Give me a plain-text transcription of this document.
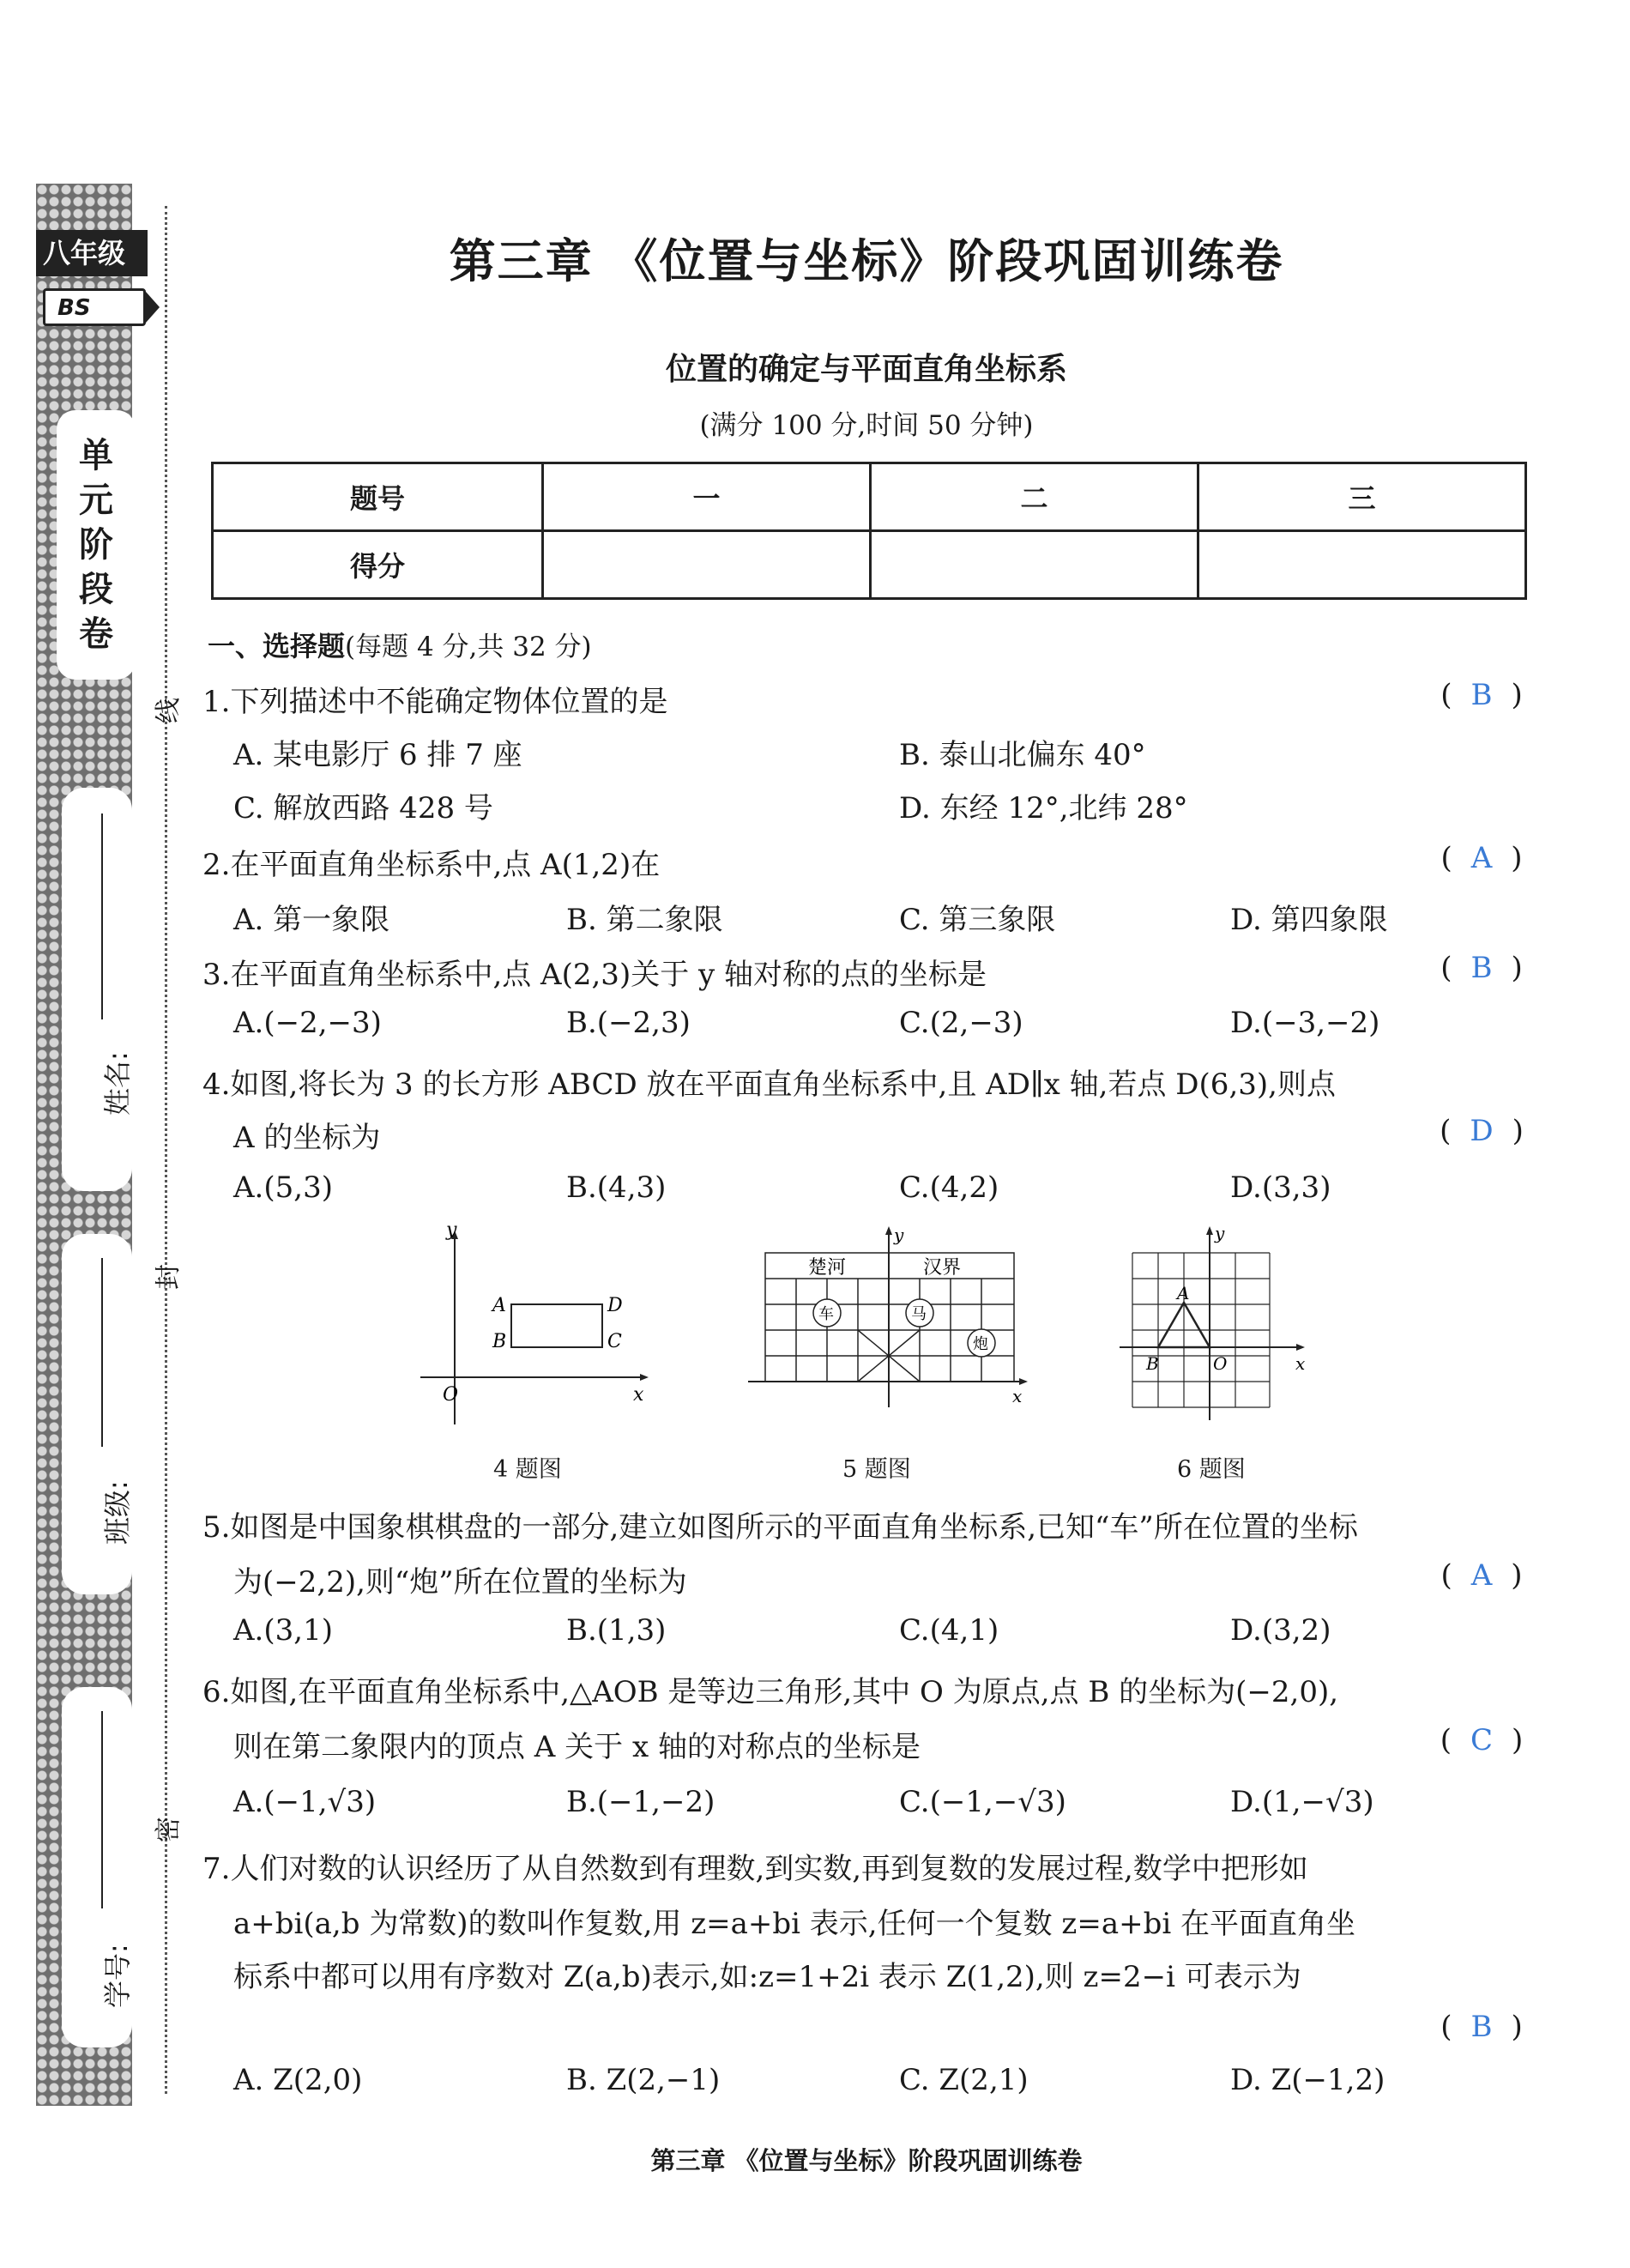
八年级
BS
单
元
阶
段
卷
姓名:
班级:
学号:
线
封
密
第三章 《位置与坐标》阶段巩固训练卷
位置的确定与平面直角坐标系
(满分 100 分,时间 50 分钟)
题号	一	二	三
得分			
一、选择题(每题 4 分,共 32 分)
1.下列描述中不能确定物体位置的是	( B )
A. 某电影厅 6 排 7 座	B. 泰山北偏东 40°
C. 解放西路 428 号	D. 东经 12°,北纬 28°
2.在平面直角坐标系中,点 A(1,2)在	( A )
A. 第一象限	B. 第二象限	C. 第三象限	D. 第四象限
3.在平面直角坐标系中,点 A(2,3)关于 y 轴对称的点的坐标是	( B )
A.(−2,−3)	B.(−2,3)	C.(2,−3)	D.(−3,−2)
4.如图,将长为 3 的长方形 ABCD 放在平面直角坐标系中,且 AD∥x 轴,若点 D(6,3),则点
A 的坐标为	( D )
A.(5,3)	B.(4,3)	C.(4,2)	D.(3,3)
y
x
O
A
B	C
D
4 题图
楚河	汉界
y
x
车	马
炮
5 题图
y
x
O
A
B
6 题图
5.如图是中国象棋棋盘的一部分,建立如图所示的平面直角坐标系,已知“车”所在位置的坐标
为(−2,2),则“炮”所在位置的坐标为	( A )
A.(3,1)	B.(1,3)	C.(4,1)	D.(3,2)
6.如图,在平面直角坐标系中,△AOB 是等边三角形,其中 O 为原点,点 B 的坐标为(−2,0),
则在第二象限内的顶点 A 关于 x 轴的对称点的坐标是	( C )
A.(−1,√3)	B.(−1,−2)	C.(−1,−√3)	D.(1,−√3)
7.人们对数的认识经历了从自然数到有理数,到实数,再到复数的发展过程,数学中把形如
a+bi(a,b 为常数)的数叫作复数,用 z=a+bi 表示,任何一个复数 z=a+bi 在平面直角坐
标系中都可以用有序数对 Z(a,b)表示,如:z=1+2i 表示 Z(1,2),则 z=2−i 可表示为
( B )
A. Z(2,0)	B. Z(2,−1)	C. Z(2,1)	D. Z(−1,2)
第三章 《位置与坐标》阶段巩固训练卷
